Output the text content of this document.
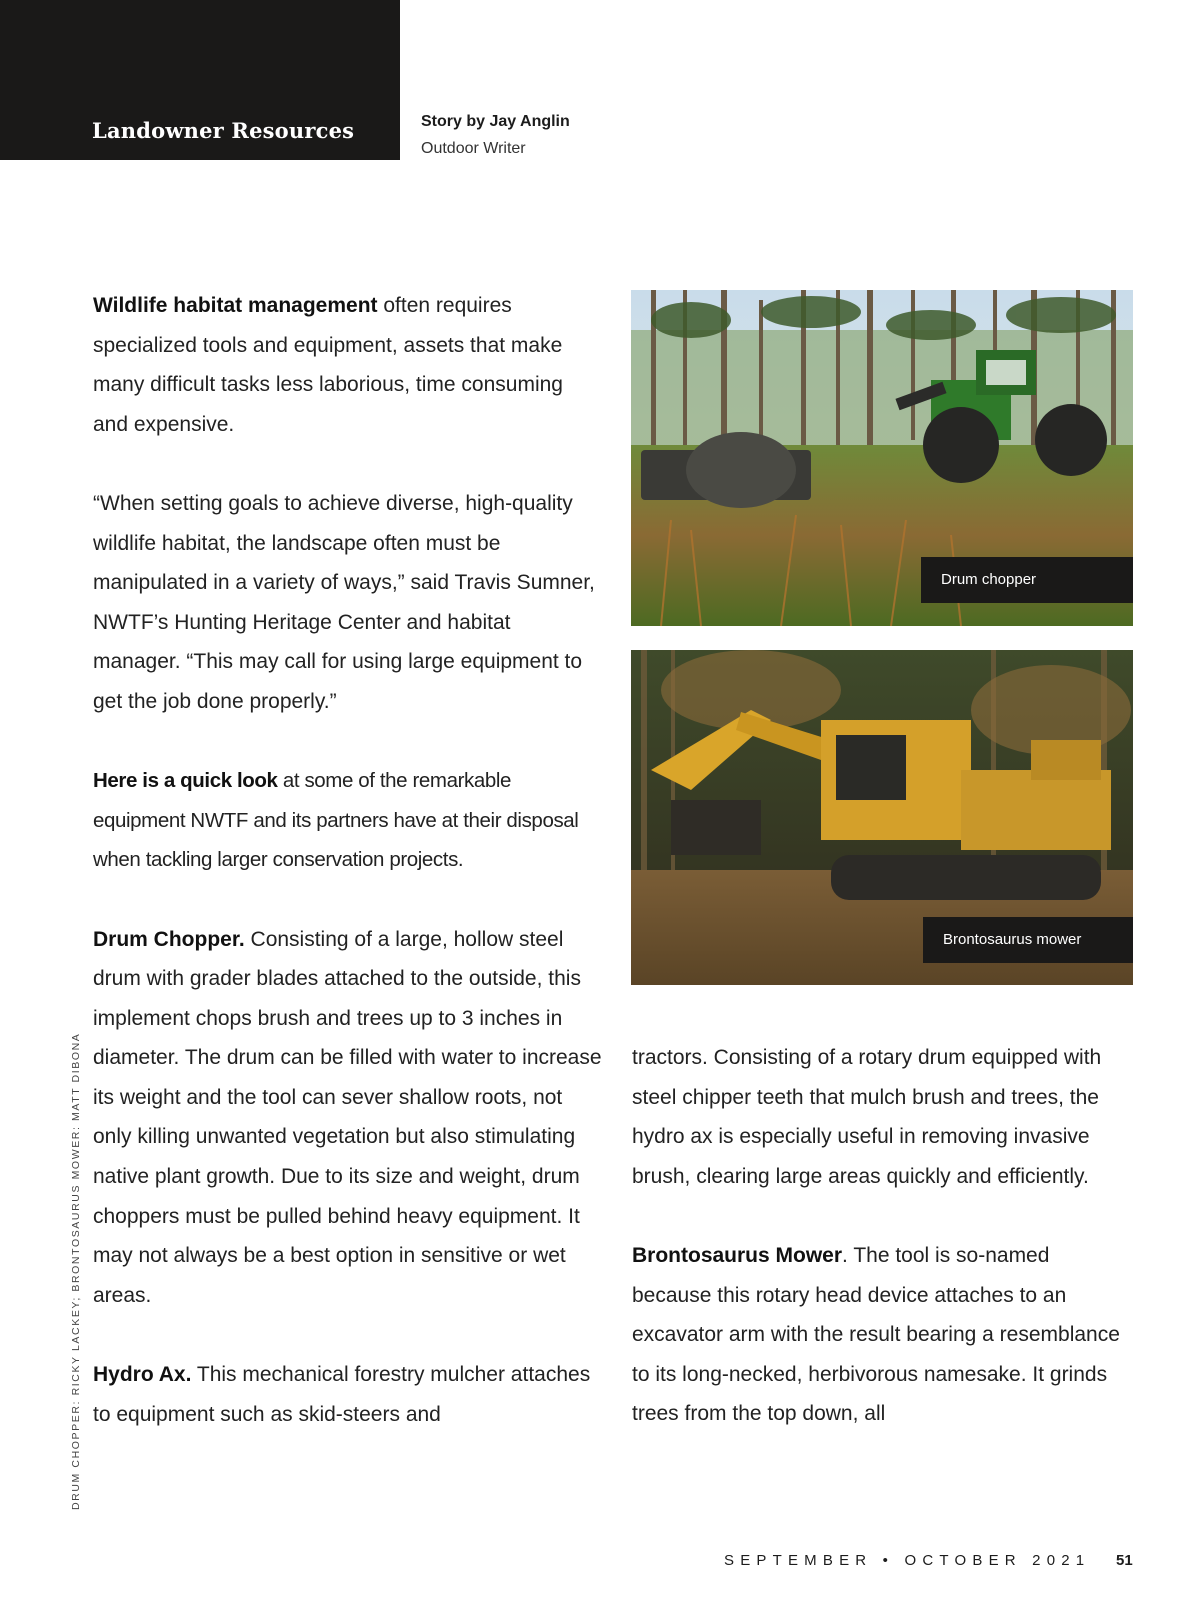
Landowner Resources	Story by Jay Anglin
Outdoor Writer

Wildlife habitat management often requires specialized tools and equipment, assets that make many difficult tasks less laborious, time consuming and expensive.

“When setting goals to achieve diverse, high-quality wildlife habitat, the landscape often must be manipulated in a variety of ways,” said Travis Sumner, NWTF’s Hunting Heritage Center and habitat manager. “This may call for using large equipment to get the job done properly.”

Here is a quick look at some of the remarkable equipment NWTF and its partners have at their disposal when tackling larger conservation projects.

Drum Chopper. Consisting of a large, hollow steel drum with grader blades attached to the outside, this implement chops brush and trees up to 3 inches in diameter. The drum can be filled with water to increase its weight and the tool can sever shallow roots, not only killing unwanted vegetation but also stimulating native plant growth. Due to its size and weight, drum choppers must be pulled behind heavy equipment. It may not always be a best option in sensitive or wet areas.

Hydro Ax. This mechanical forestry mulcher attaches to equipment such as skid-steers and

Drum chopper
Brontosaurus mower

tractors. Consisting of a rotary drum equipped with steel chipper teeth that mulch brush and trees, the hydro ax is especially useful in removing invasive brush, clearing large areas quickly and efficiently.

Brontosaurus Mower. The tool is so-named because this rotary head device attaches to an excavator arm with the result bearing a resemblance to its long-necked, herbivorous namesake. It grinds trees from the top down, all

DRUM CHOPPER: RICKY LACKEY; BRONTOSAURUS MOWER: MATT DIBONA
SEPTEMBER • OCTOBER 2021 51
